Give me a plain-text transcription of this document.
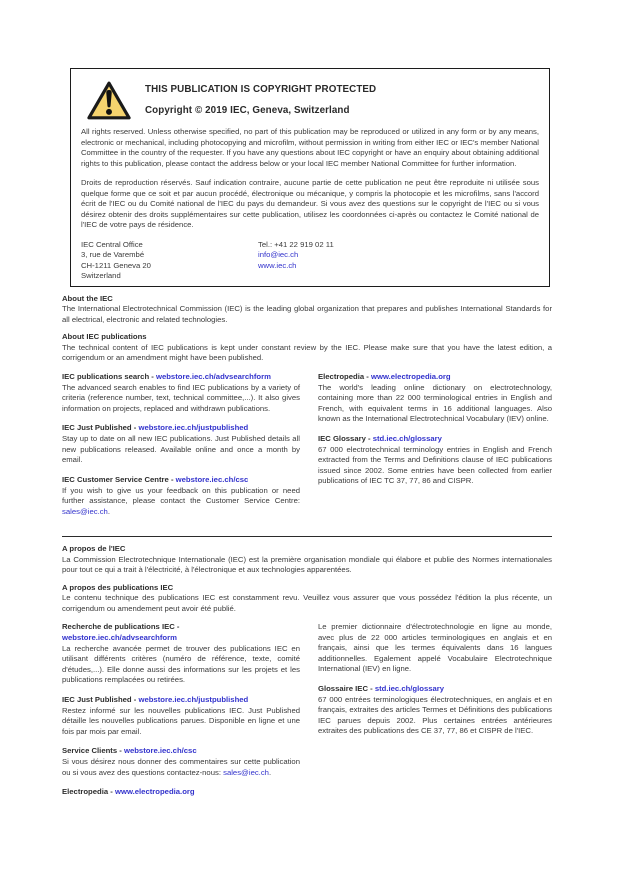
THIS PUBLICATION IS COPYRIGHT PROTECTED
Copyright © 2019 IEC, Geneva, Switzerland

All rights reserved. Unless otherwise specified, no part of this publication may be reproduced or utilized in any form or by any means, electronic or mechanical, including photocopying and microfilm, without permission in writing from either IEC or IEC's member National Committee in the country of the requester. If you have any questions about IEC copyright or have an enquiry about obtaining additional rights to this publication, please contact the address below or your local IEC member National Committee for further information.

Droits de reproduction réservés. Sauf indication contraire, aucune partie de cette publication ne peut être reproduite ni utilisée sous quelque forme que ce soit et par aucun procédé, électronique ou mécanique, y compris la photocopie et les microfilms, sans l'accord écrit de l'IEC ou du Comité national de l'IEC du pays du demandeur. Si vous avez des questions sur le copyright de l'IEC ou si vous désirez obtenir des droits supplémentaires sur cette publication, utilisez les coordonnées ci-après ou contactez le Comité national de l'IEC de votre pays de résidence.

IEC Central Office
3, rue de Varembé
CH-1211 Geneva 20
Switzerland
Tel.: +41 22 919 02 11
info@iec.ch
www.iec.ch
About the IEC

The International Electrotechnical Commission (IEC) is the leading global organization that prepares and publishes International Standards for all electrical, electronic and related technologies.

About IEC publications

The technical content of IEC publications is kept under constant review by the IEC. Please make sure that you have the latest edition, a corrigendum or an amendment might have been published.

IEC publications search - webstore.iec.ch/advsearchform

The advanced search enables to find IEC publications by a variety of criteria (reference number, text, technical committee,...). It also gives information on projects, replaced and withdrawn publications.

IEC Just Published - webstore.iec.ch/justpublished

Stay up to date on all new IEC publications. Just Published details all new publications released. Available online and once a month by email.

IEC Customer Service Centre - webstore.iec.ch/csc

If you wish to give us your feedback on this publication or need further assistance, please contact the Customer Service Centre: sales@iec.ch.

Electropedia - www.electropedia.org

The world's leading online dictionary on electrotechnology, containing more than 22 000 terminological entries in English and French, with equivalent terms in 16 additional languages. Also known as the International Electrotechnical Vocabulary (IEV) online.

IEC Glossary - std.iec.ch/glossary

67 000 electrotechnical terminology entries in English and French extracted from the Terms and Definitions clause of IEC publications issued since 2002. Some entries have been collected from earlier publications of IEC TC 37, 77, 86 and CISPR.

A propos de l'IEC

La Commission Electrotechnique Internationale (IEC) est la première organisation mondiale qui élabore et publie des Normes internationales pour tout ce qui a trait à l'électricité, à l'électronique et aux technologies apparentées.

A propos des publications IEC

Le contenu technique des publications IEC est constamment revu. Veuillez vous assurer que vous possédez l'édition la plus récente, un corrigendum ou amendement peut avoir été publié.

Recherche de publications IEC -
webstore.iec.ch/advsearchform

La recherche avancée permet de trouver des publications IEC en utilisant différents critères (numéro de référence, texte, comité d'études,...). Elle donne aussi des informations sur les projets et les publications remplacées ou retirées.

IEC Just Published - webstore.iec.ch/justpublished

Restez informé sur les nouvelles publications IEC. Just Published détaille les nouvelles publications parues. Disponible en ligne et une fois par mois par email.

Service Clients - webstore.iec.ch/csc

Si vous désirez nous donner des commentaires sur cette publication ou si vous avez des questions contactez-nous: sales@iec.ch.

Electropedia - www.electropedia.org

Le premier dictionnaire d'électrotechnologie en ligne au monde, avec plus de 22 000 articles terminologiques en anglais et en français, ainsi que les termes équivalents dans 16 langues additionnelles. Egalement appelé Vocabulaire Electrotechnique International (IEV) en ligne.

Glossaire IEC - std.iec.ch/glossary

67 000 entrées terminologiques électrotechniques, en anglais et en français, extraites des articles Termes et Définitions des publications IEC parues depuis 2002. Plus certaines entrées antérieures extraites des publications des CE 37, 77, 86 et CISPR de l'IEC.
